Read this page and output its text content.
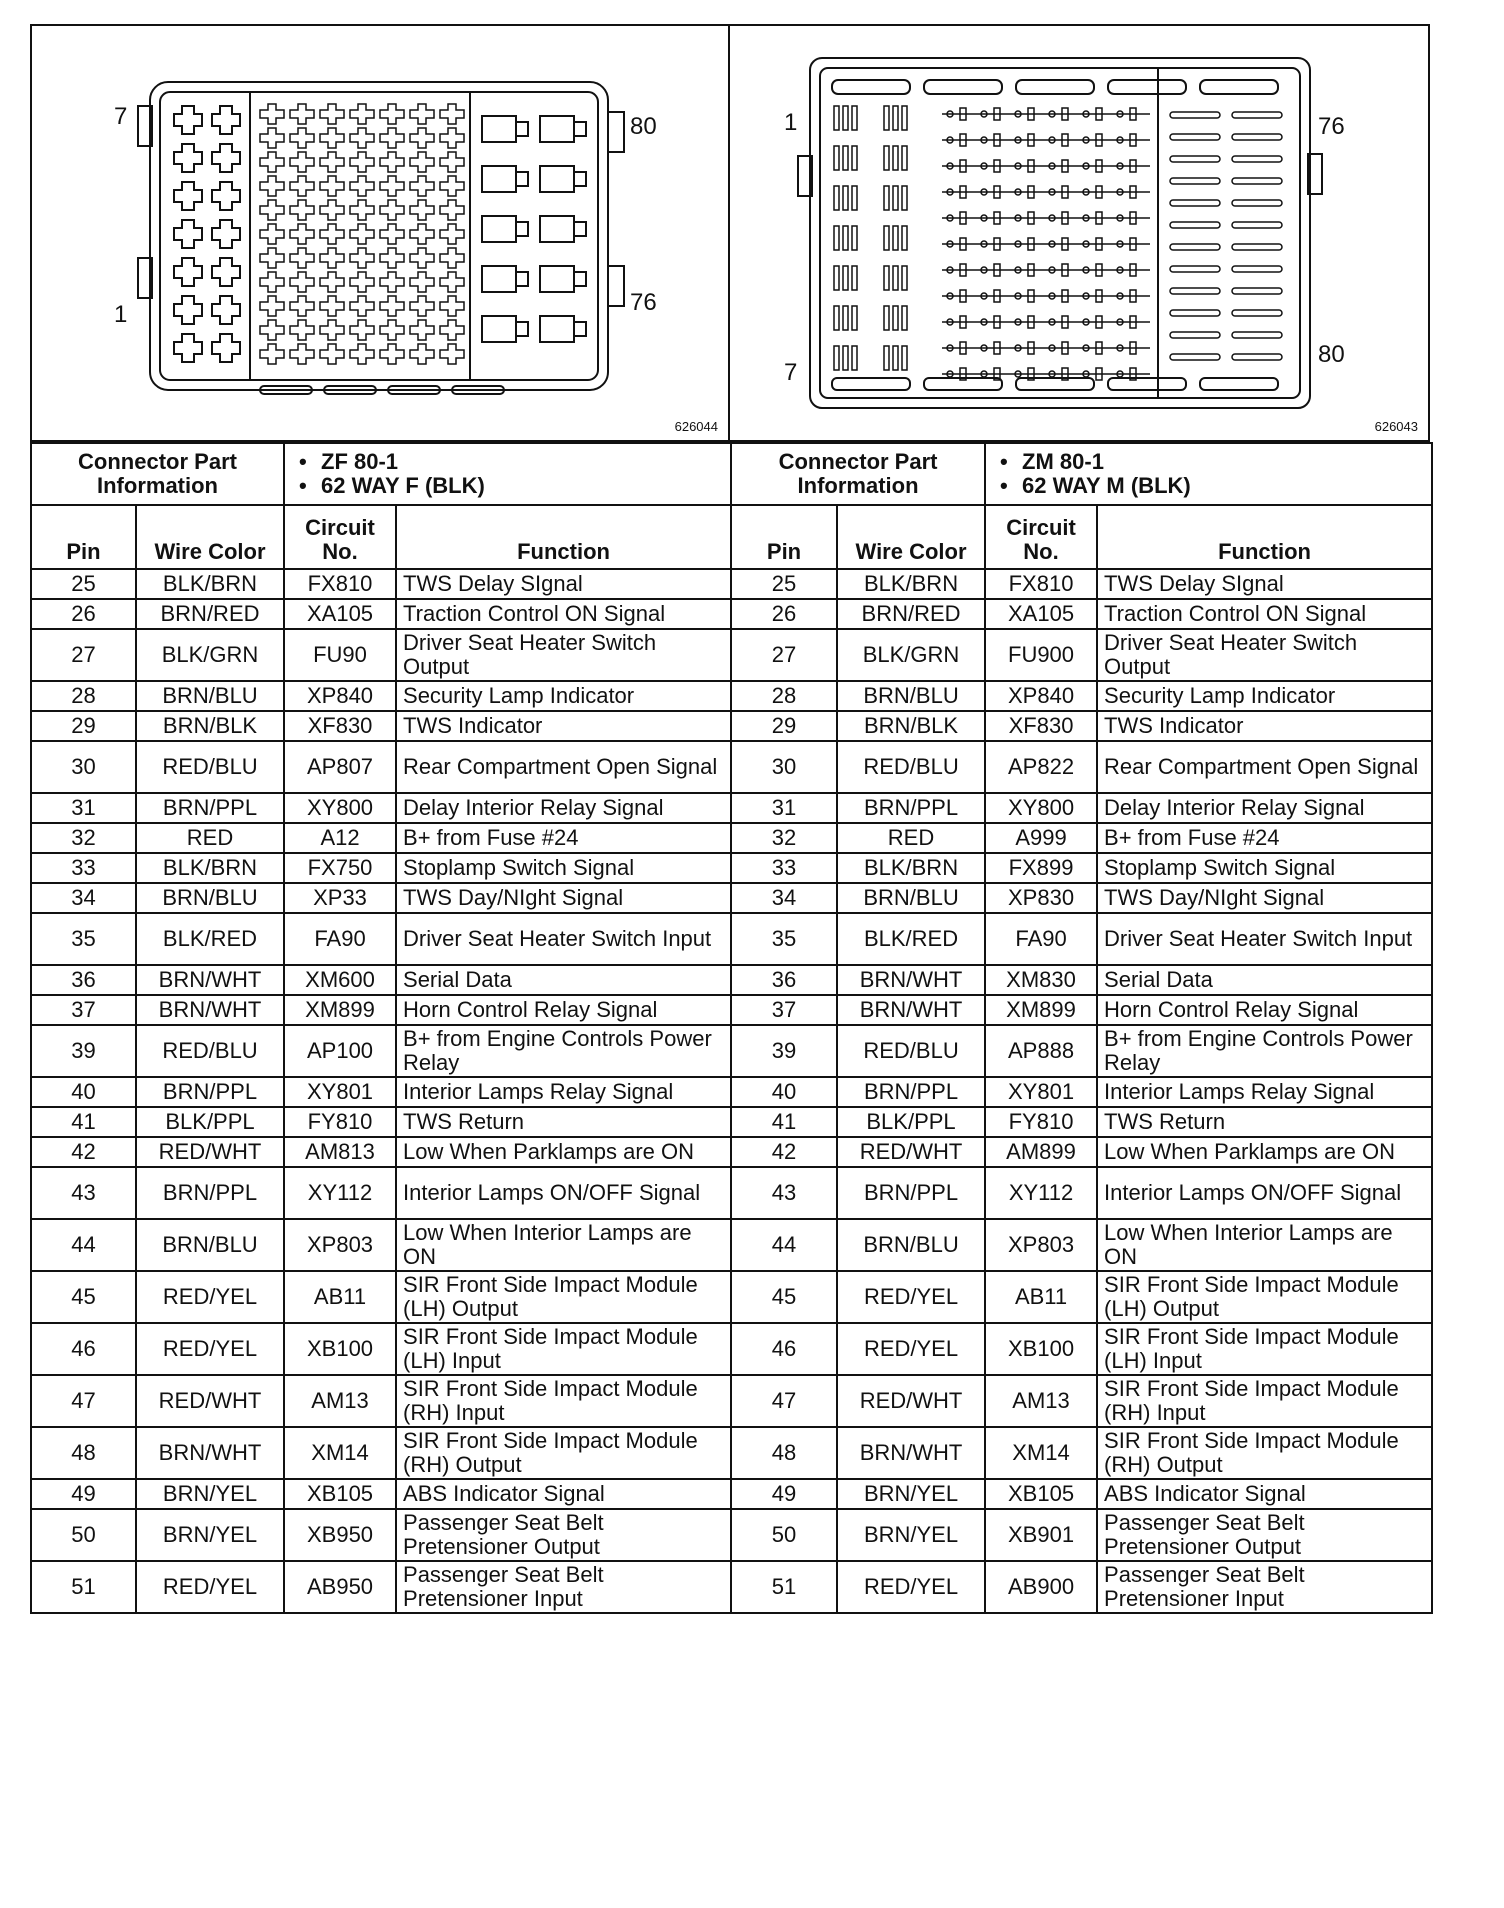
7	80
1	76
626044
1	76
7
80
626043
Connector Part Information		• ZF 80-1
• 62 WAY F (BLK)

Pin	Wire Color	Circuit No.	Function
25	BLK/BRN	FX810	TWS Delay SIgnal
26	BRN/RED	XA105	Traction Control ON Signal
27	BLK/GRN	FU90	Driver Seat Heater Switch Output
28	BRN/BLU	XP840	Security Lamp Indicator
29	BRN/BLK	XF830	TWS Indicator
30	RED/BLU	AP807	Rear Compartment Open Signal
31	BRN/PPL	XY800	Delay Interior Relay Signal
32	RED	A12	B+ from Fuse #24
33	BLK/BRN	FX750	Stoplamp Switch Signal
34	BRN/BLU	XP33	TWS Day/NIght Signal
35	BLK/RED	FA90	Driver Seat Heater Switch Input
36	BRN/WHT	XM600	Serial Data
37	BRN/WHT	XM899	Horn Control Relay Signal
39	RED/BLU	AP100	B+ from Engine Controls Power Relay
40	BRN/PPL	XY801	Interior Lamps Relay Signal
41	BLK/PPL	FY810	TWS Return
42	RED/WHT	AM813	Low When Parklamps are ON
43	BRN/PPL	XY112	Interior Lamps ON/OFF Signal
44	BRN/BLU	XP803	Low When Interior Lamps are ON
45	RED/YEL	AB11	SIR Front Side Impact Module (LH) Output
46	RED/YEL	XB100	SIR Front Side Impact Module (LH) Input
47	RED/WHT	AM13	SIR Front Side Impact Module (RH) Input
48	BRN/WHT	XM14	SIR Front Side Impact Module (RH) Output
49	BRN/YEL	XB105	ABS Indicator Signal
50	BRN/YEL	XB950	Passenger Seat Belt Pretensioner Output
51	RED/YEL	AB950	Passenger Seat Belt Pretensioner Input
Connector Part Information		• ZM 80-1
• 62 WAY M (BLK)

Pin	Wire Color	Circuit No.	Function
25	BLK/BRN	FX810	TWS Delay SIgnal
26	BRN/RED	XA105	Traction Control ON Signal
27	BLK/GRN	FU900	Driver Seat Heater Switch Output
28	BRN/BLU	XP840	Security Lamp Indicator
29	BRN/BLK	XF830	TWS Indicator
30	RED/BLU	AP822	Rear Compartment Open Signal
31	BRN/PPL	XY800	Delay Interior Relay Signal
32	RED	A999	B+ from Fuse #24
33	BLK/BRN	FX899	Stoplamp Switch Signal
34	BRN/BLU	XP830	TWS Day/NIght Signal
35	BLK/RED	FA90	Driver Seat Heater Switch Input
36	BRN/WHT	XM830	Serial Data
37	BRN/WHT	XM899	Horn Control Relay Signal
39	RED/BLU	AP888	B+ from Engine Controls Power Relay
40	BRN/PPL	XY801	Interior Lamps Relay Signal
41	BLK/PPL	FY810	TWS Return
42	RED/WHT	AM899	Low When Parklamps are ON
43	BRN/PPL	XY112	Interior Lamps ON/OFF Signal
44	BRN/BLU	XP803	Low When Interior Lamps are ON
45	RED/YEL	AB11	SIR Front Side Impact Module (LH) Output
46	RED/YEL	XB100	SIR Front Side Impact Module (LH) Input
47	RED/WHT	AM13	SIR Front Side Impact Module (RH) Input
48	BRN/WHT	XM14	SIR Front Side Impact Module (RH) Output
49	BRN/YEL	XB105	ABS Indicator Signal
50	BRN/YEL	XB901	Passenger Seat Belt Pretensioner Output
51	RED/YEL	AB900	Passenger Seat Belt Pretensioner Input
